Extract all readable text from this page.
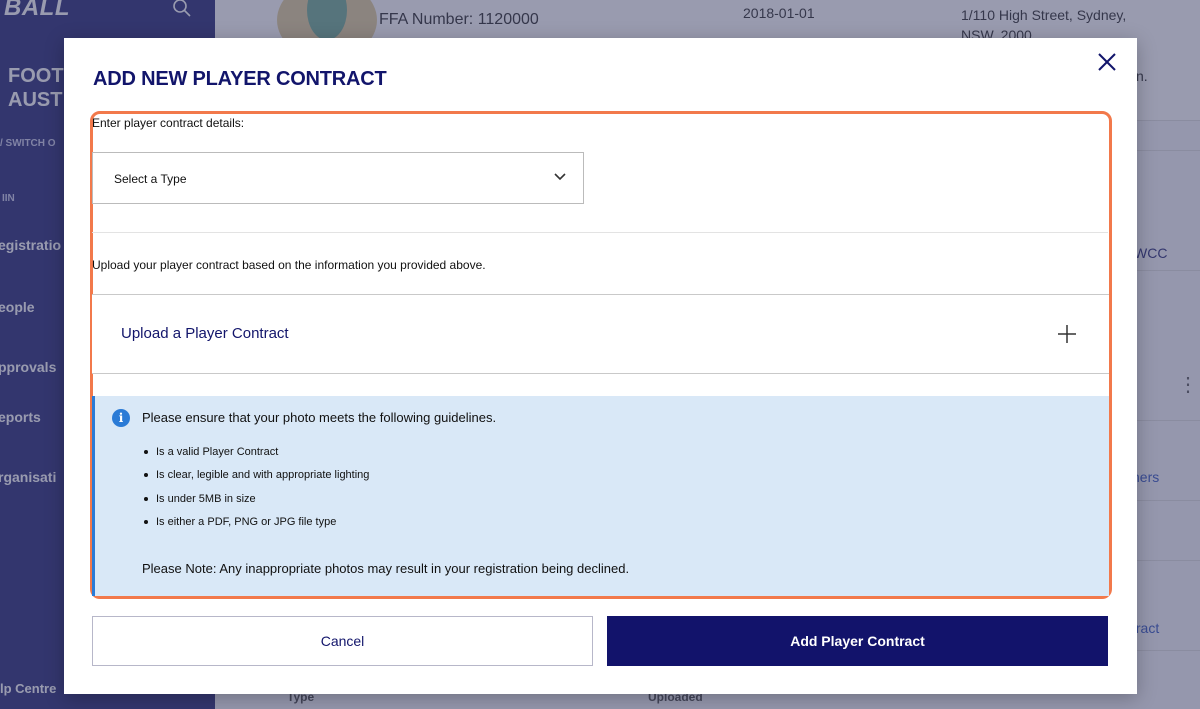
ADD NEW PLAYER CONTRACT
Enter player contract details:
Select a Type
Upload your player contract based on the information you provided above.
Upload a Player Contract
i	Please ensure that your photo meets the following guidelines.
Is a valid Player Contract
Is clear, legible and with appropriate lighting
Is under 5MB in size
Is either a PDF, PNG or JPG file type
Please Note: Any inappropriate photos may result in your registration being declined.
Cancel	Add Player Contract
